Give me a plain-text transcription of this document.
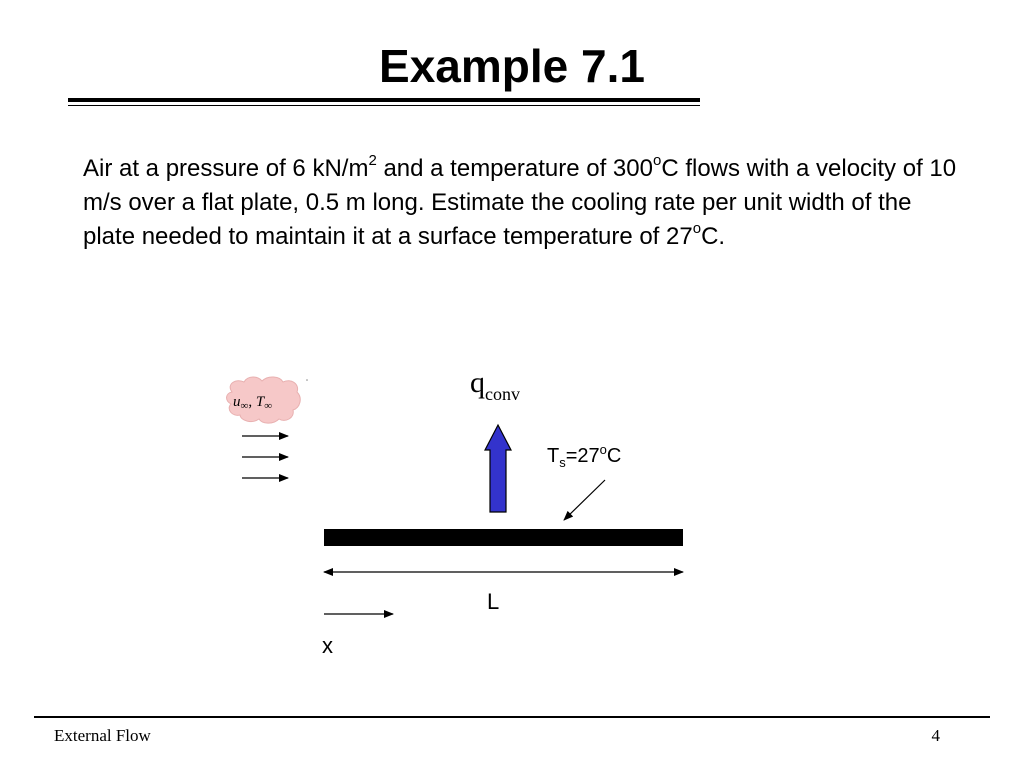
Example 7.1
Air at a pressure of 6 $kN/m^2$ and a temperature of 300$^o$C flows with a velocity of 10 m/s over a flat plate, 0.5 m long. Estimate the cooling rate per unit width of the plate needed to maintain it at a surface temperature of 27$^o$C.
$u_\infty$, $T_\infty$
$q_{conv}$
$T_s=27^oC$
L
x
External Flow	4
